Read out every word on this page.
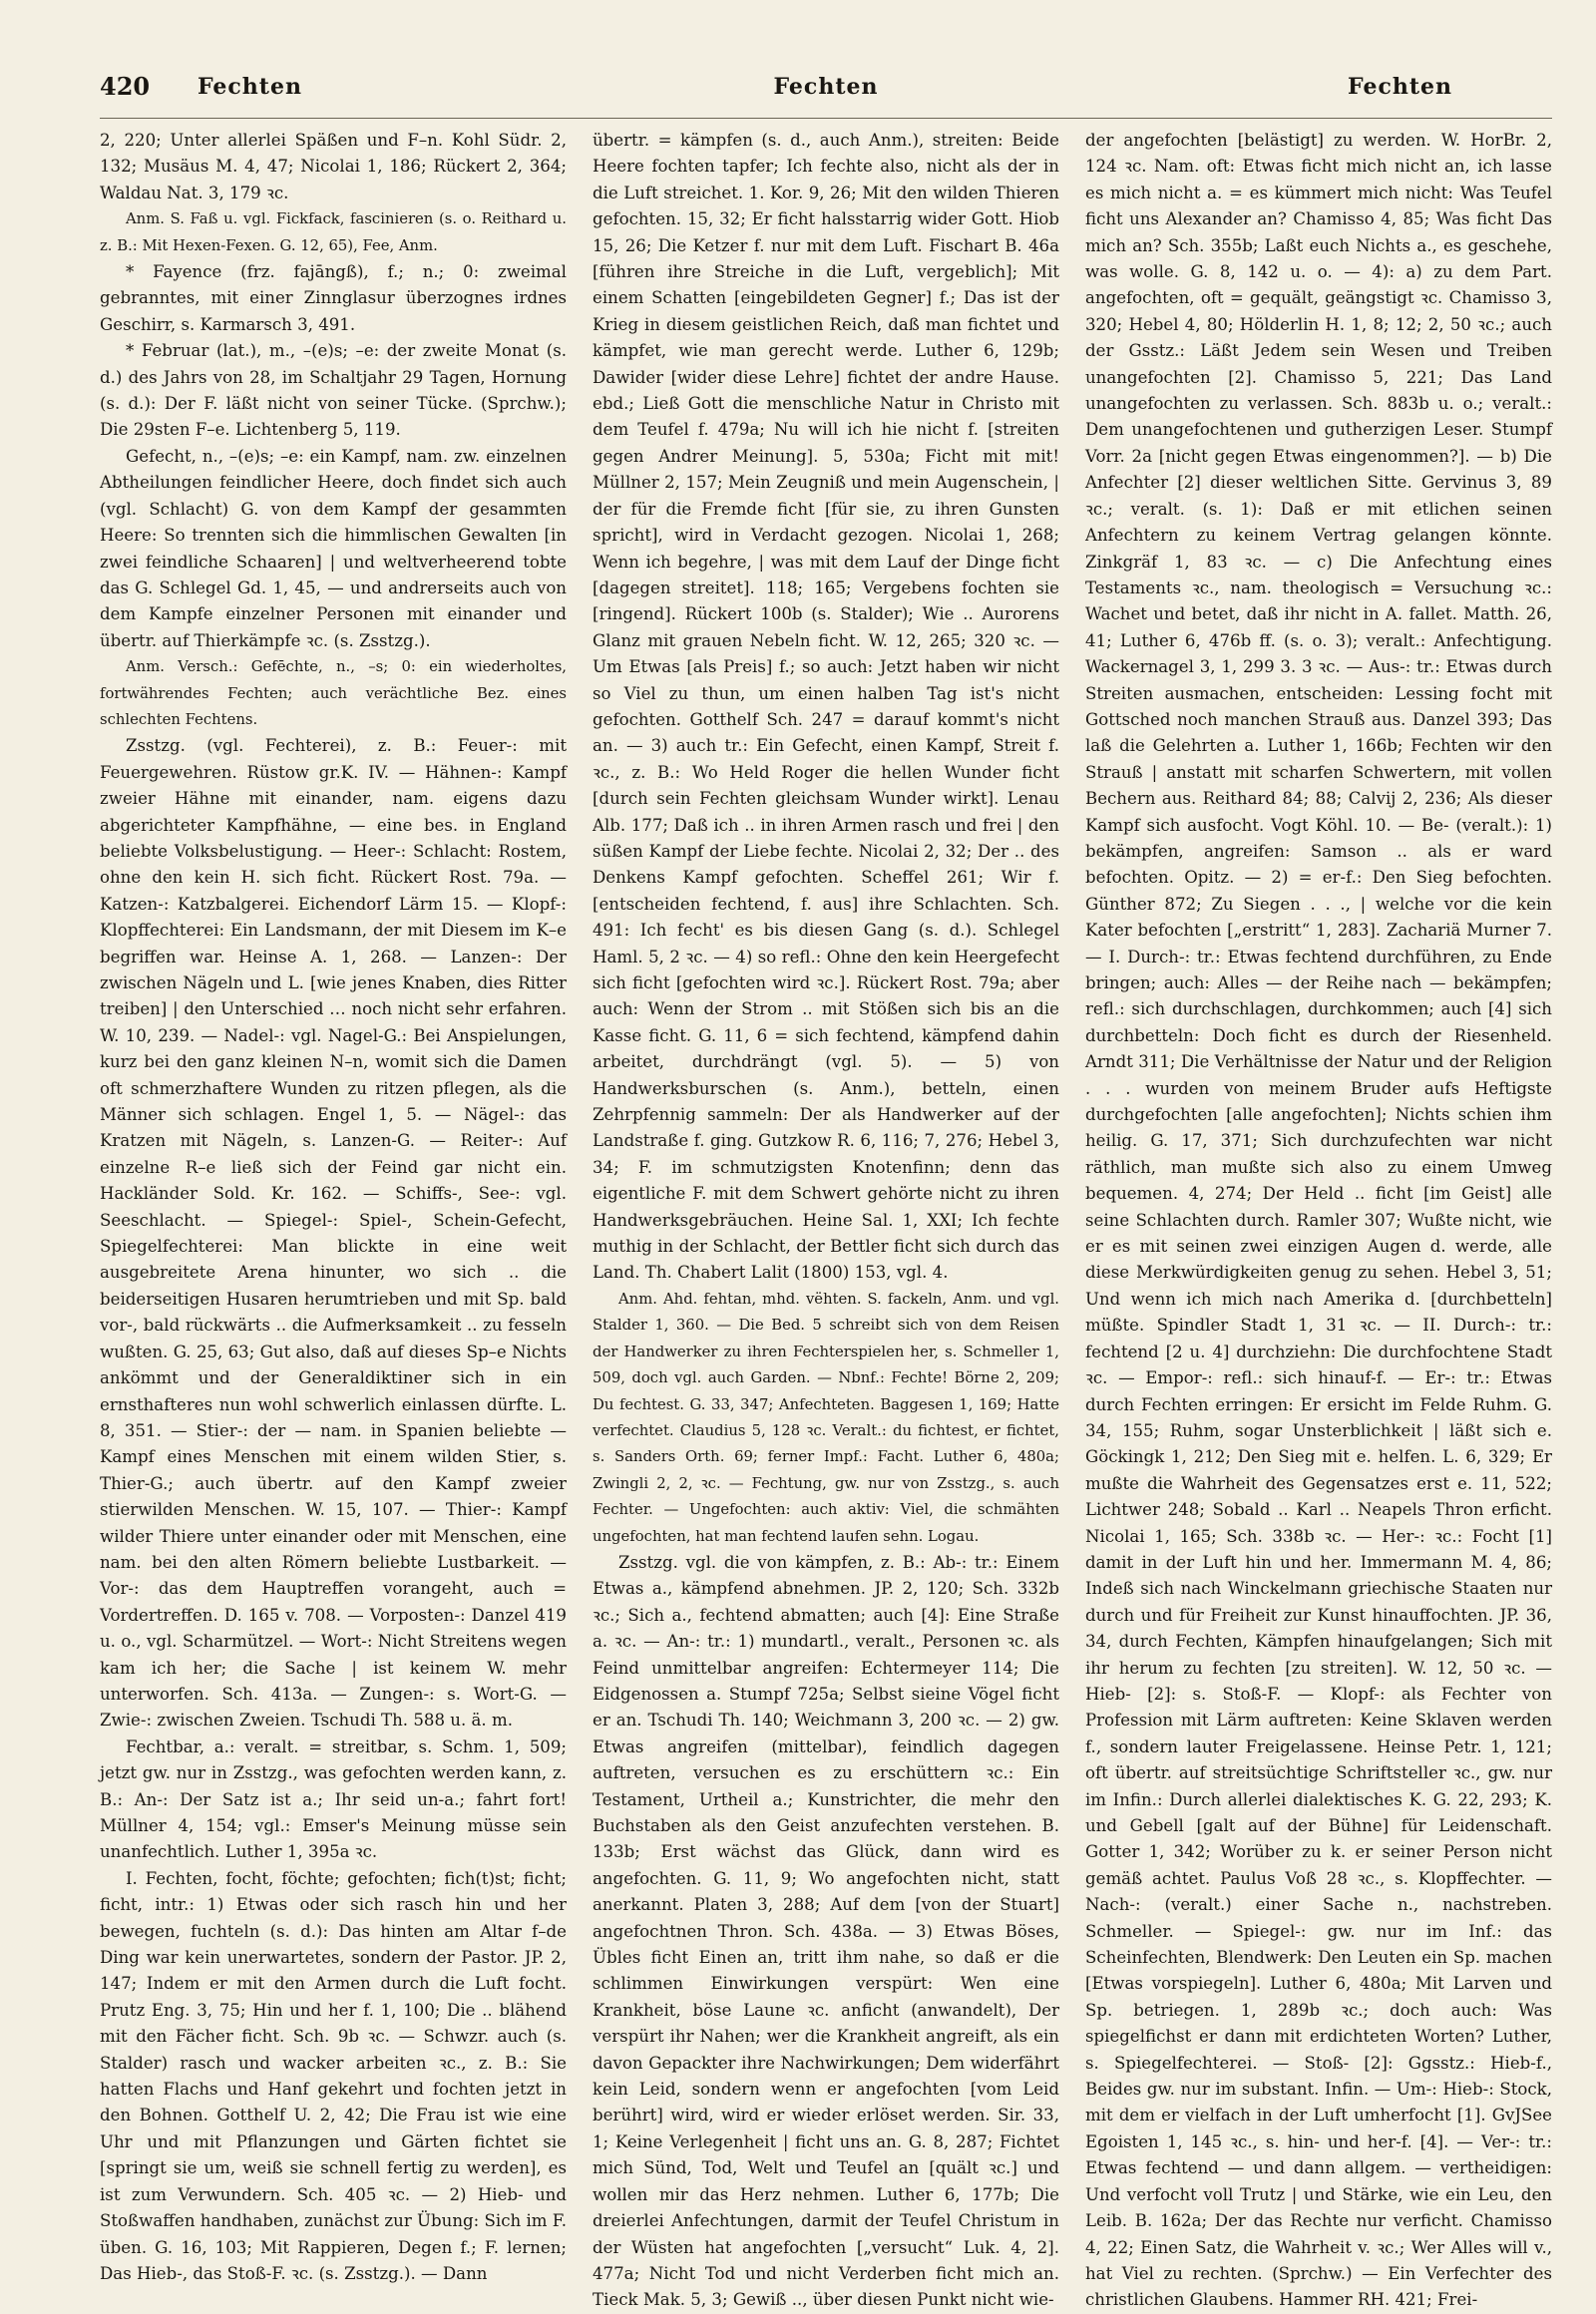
420 Fechten	Fechten	Fechten

2, 220; Unter allerlei Späßen und F–n. Kohl Südr. 2, 132; Musäus M. 4, 47; Nicolai 1, 186; Rückert 2, 364; Waldau Nat. 3, 179 ꝛc.

Anm. S. Faß u. vgl. Fickfack, fascinieren (s. o. Reithard u. z. B.: Mit Hexen-Fexen. G. 12, 65), Fee, Anm.

* Fayence (frz. fajāngß), f.; n.; 0: zweimal gebranntes, mit einer Zinnglasur überzognes irdnes Geschirr, s. Karmarsch 3, 491.

* Februar (lat.), m., –(e)s; –e: der zweite Monat (s. d.) des Jahrs von 28, im Schaltjahr 29 Tagen, Hornung (s. d.): Der F. läßt nicht von seiner Tücke. (Sprchw.); Die 29sten F–e. Lichtenberg 5, 119.

Gefecht, n., –(e)s; –e: ein Kampf, nam. zw. einzelnen Abtheilungen feindlicher Heere, doch findet sich auch (vgl. Schlacht) G. von dem Kampf der gesammten Heere: So trennten sich die himmlischen Gewalten [in zwei feindliche Schaaren] | und weltverheerend tobte das G. Schlegel Gd. 1, 45, — und andrerseits auch von dem Kampfe einzelner Personen mit einander und übertr. auf Thierkämpfe ꝛc. (s. Zsstzg.).

Anm. Versch.: Gefēchte, n., –s; 0: ein wiederholtes, fortwährendes Fechten; auch verächtliche Bez. eines schlechten Fechtens.

Zsstzg. (vgl. Fechterei), z. B.: Feuer-: mit Feuergewehren. Rüstow gr.K. IV. — Hähnen-: Kampf zweier Hähne mit einander, nam. eigens dazu abgerichteter Kampfhähne, — eine bes. in England beliebte Volksbelustigung. — Heer-: Schlacht: Rostem, ohne den kein H. sich ficht. Rückert Rost. 79a. — Katzen-: Katzbalgerei. Eichendorf Lärm 15. — Klopf-: Klopffechterei: Ein Landsmann, der mit Diesem im K–e begriffen war. Heinse A. 1, 268. — Lanzen-: Der zwischen Nägeln und L. [wie jenes Knaben, dies Ritter treiben] | den Unterschied … noch nicht sehr erfahren. W. 10, 239. — Nadel-: vgl. Nagel-G.: Bei Anspielungen, kurz bei den ganz kleinen N–n, womit sich die Damen oft schmerzhaftere Wunden zu ritzen pflegen, als die Männer sich schlagen. Engel 1, 5. — Nägel-: das Kratzen mit Nägeln, s. Lanzen-G. — Reiter-: Auf einzelne R–e ließ sich der Feind gar nicht ein. Hackländer Sold. Kr. 162. — Schiffs-, See-: vgl. Seeschlacht. — Spiegel-: Spiel-, Schein-Gefecht, Spiegelfechterei: Man blickte in eine weit ausgebreitete Arena hinunter, wo sich .. die beiderseitigen Husaren herumtrieben und mit Sp. bald vor-, bald rückwärts .. die Aufmerksamkeit .. zu fesseln wußten. G. 25, 63; Gut also, daß auf dieses Sp–e Nichts ankömmt und der Generaldiktiner sich in ein ernsthafteres nun wohl schwerlich einlassen dürfte. L. 8, 351. — Stier-: der — nam. in Spanien beliebte — Kampf eines Menschen mit einem wilden Stier, s. Thier-G.; auch übertr. auf den Kampf zweier stierwilden Menschen. W. 15, 107. — Thier-: Kampf wilder Thiere unter einander oder mit Menschen, eine nam. bei den alten Römern beliebte Lustbarkeit. — Vor-: das dem Hauptreffen vorangeht, auch = Vordertreffen. D. 165 v. 708. — Vorposten-: Danzel 419 u. o., vgl. Scharmützel. — Wort-: Nicht Streitens wegen kam ich her; die Sache | ist keinem W. mehr unterworfen. Sch. 413a. — Zungen-: s. Wort-G. — Zwie-: zwischen Zweien. Tschudi Th. 588 u. ä. m.

Fechtbar, a.: veralt. = streitbar, s. Schm. 1, 509; jetzt gw. nur in Zsstzg., was gefochten werden kann, z. B.: An-: Der Satz ist a.; Ihr seid un-a.; fahrt fort! Müllner 4, 154; vgl.: Emser's Meinung müsse sein unanfechtlich. Luther 1, 395a ꝛc.

I. Fechten, focht, föchte; gefochten; fich(t)st; ficht; ficht, intr.: 1) Etwas oder sich rasch hin und her bewegen, fuchteln (s. d.): Das hinten am Altar f–de Ding war kein unerwartetes, sondern der Pastor. JP. 2, 147; Indem er mit den Armen durch die Luft focht. Prutz Eng. 3, 75; Hin und her f. 1, 100; Die .. blähend mit den Fächer ficht. Sch. 9b ꝛc. — Schwzr. auch (s. Stalder) rasch und wacker arbeiten ꝛc., z. B.: Sie hatten Flachs und Hanf gekehrt und fochten jetzt in den Bohnen. Gotthelf U. 2, 42; Die Frau ist wie eine Uhr und mit Pflanzungen und Gärten fichtet sie [springt sie um, weiß sie schnell fertig zu werden], es ist zum Verwundern. Sch. 405 ꝛc. — 2) Hieb- und Stoßwaffen handhaben, zunächst zur Übung: Sich im F. üben. G. 16, 103; Mit Rappieren, Degen f.; F. lernen; Das Hieb-, das Stoß-F. ꝛc. (s. Zsstzg.). — Dann

übertr. = kämpfen (s. d., auch Anm.), streiten: Beide Heere fochten tapfer; Ich fechte also, nicht als der in die Luft streichet. 1. Kor. 9, 26; Mit den wilden Thieren gefochten. 15, 32; Er ficht halsstarrig wider Gott. Hiob 15, 26; Die Ketzer f. nur mit dem Luft. Fischart B. 46a [führen ihre Streiche in die Luft, vergeblich]; Mit einem Schatten [eingebildeten Gegner] f.; Das ist der Krieg in diesem geistlichen Reich, daß man fichtet und kämpfet, wie man gerecht werde. Luther 6, 129b; Dawider [wider diese Lehre] fichtet der andre Hause. ebd.; Ließ Gott die menschliche Natur in Christo mit dem Teufel f. 479a; Nu will ich hie nicht f. [streiten gegen Andrer Meinung]. 5, 530a; Ficht mit mit! Müllner 2, 157; Mein Zeugniß und mein Augenschein, | der für die Fremde ficht [für sie, zu ihren Gunsten spricht], wird in Verdacht gezogen. Nicolai 1, 268; Wenn ich begehre, | was mit dem Lauf der Dinge ficht [dagegen streitet]. 118; 165; Vergebens fochten sie [ringend]. Rückert 100b (s. Stalder); Wie .. Aurorens Glanz mit grauen Nebeln ficht. W. 12, 265; 320 ꝛc. — Um Etwas [als Preis] f.; so auch: Jetzt haben wir nicht so Viel zu thun, um einen halben Tag ist's nicht gefochten. Gotthelf Sch. 247 = darauf kommt's nicht an. — 3) auch tr.: Ein Gefecht, einen Kampf, Streit f. ꝛc., z. B.: Wo Held Roger die hellen Wunder ficht [durch sein Fechten gleichsam Wunder wirkt]. Lenau Alb. 177; Daß ich .. in ihren Armen rasch und frei | den süßen Kampf der Liebe fechte. Nicolai 2, 32; Der .. des Denkens Kampf gefochten. Scheffel 261; Wir f. [entscheiden fechtend, f. aus] ihre Schlachten. Sch. 491: Ich fecht' es bis diesen Gang (s. d.). Schlegel Haml. 5, 2 ꝛc. — 4) so refl.: Ohne den kein Heergefecht sich ficht [gefochten wird ꝛc.]. Rückert Rost. 79a; aber auch: Wenn der Strom .. mit Stößen sich bis an die Kasse ficht. G. 11, 6 = sich fechtend, kämpfend dahin arbeitet, durchdrängt (vgl. 5). — 5) von Handwerksburschen (s. Anm.), betteln, einen Zehrpfennig sammeln: Der als Handwerker auf der Landstraße f. ging. Gutzkow R. 6, 116; 7, 276; Hebel 3, 34; F. im schmutzigsten Knotenfinn; denn das eigentliche F. mit dem Schwert gehörte nicht zu ihren Handwerksgebräuchen. Heine Sal. 1, XXI; Ich fechte muthig in der Schlacht, der Bettler ficht sich durch das Land. Th. Chabert Lalit (1800) 153, vgl. 4.

Anm. Ahd. fehtan, mhd. vëhten. S. fackeln, Anm. und vgl. Stalder 1, 360. — Die Bed. 5 schreibt sich von dem Reisen der Handwerker zu ihren Fechterspielen her, s. Schmeller 1, 509, doch vgl. auch Garden. — Nbnf.: Fechte! Börne 2, 209; Du fechtest. G. 33, 347; Anfechteten. Baggesen 1, 169; Hatte verfechtet. Claudius 5, 128 ꝛc. Veralt.: du fichtest, er fichtet, s. Sanders Orth. 69; ferner Impf.: Facht. Luther 6, 480a; Zwingli 2, 2, ꝛc. — Fechtung, gw. nur von Zsstzg., s. auch Fechter. — Ungefochten: auch aktiv: Viel, die schmähten ungefochten, hat man fechtend laufen sehn. Logau.

Zsstzg. vgl. die von kämpfen, z. B.: Ab-: tr.: Einem Etwas a., kämpfend abnehmen. JP. 2, 120; Sch. 332b ꝛc.; Sich a., fechtend abmatten; auch [4]: Eine Straße a. ꝛc. — An-: tr.: 1) mundartl., veralt., Personen ꝛc. als Feind unmittelbar angreifen: Echtermeyer 114; Die Eidgenossen a. Stumpf 725a; Selbst sieine Vögel ficht er an. Tschudi Th. 140; Weichmann 3, 200 ꝛc. — 2) gw. Etwas angreifen (mittelbar), feindlich dagegen auftreten, versuchen es zu erschüttern ꝛc.: Ein Testament, Urtheil a.; Kunstrichter, die mehr den Buchstaben als den Geist anzufechten verstehen. B. 133b; Erst wächst das Glück, dann wird es angefochten. G. 11, 9; Wo angefochten nicht, statt anerkannt. Platen 3, 288; Auf dem [von der Stuart] angefochtnen Thron. Sch. 438a. — 3) Etwas Böses, Übles ficht Einen an, tritt ihm nahe, so daß er die schlimmen Einwirkungen verspürt: Wen eine Krankheit, böse Laune ꝛc. anficht (anwandelt), Der verspürt ihr Nahen; wer die Krankheit angreift, als ein davon Gepackter ihre Nachwirkungen; Dem widerfährt kein Leid, sondern wenn er angefochten [vom Leid berührt] wird, wird er wieder erlöset werden. Sir. 33, 1; Keine Verlegenheit | ficht uns an. G. 8, 287; Fichtet mich Sünd, Tod, Welt und Teufel an [quält ꝛc.] und wollen mir das Herz nehmen. Luther 6, 177b; Die dreierlei Anfechtungen, darmit der Teufel Christum in der Wüsten hat angefochten [„versucht“ Luk. 4, 2]. 477a; Nicht Tod und nicht Verderben ficht mich an. Tieck Mak. 5, 3; Gewiß .., über diesen Punkt nicht wie-

der angefochten [belästigt] zu werden. W. HorBr. 2, 124 ꝛc. Nam. oft: Etwas ficht mich nicht an, ich lasse es mich nicht a. = es kümmert mich nicht: Was Teufel ficht uns Alexander an? Chamisso 4, 85; Was ficht Das mich an? Sch. 355b; Laßt euch Nichts a., es geschehe, was wolle. G. 8, 142 u. o. — 4): a) zu dem Part. angefochten, oft = gequält, geängstigt ꝛc. Chamisso 3, 320; Hebel 4, 80; Hölderlin H. 1, 8; 12; 2, 50 ꝛc.; auch der Gsstz.: Läßt Jedem sein Wesen und Treiben unangefochten [2]. Chamisso 5, 221; Das Land unangefochten zu verlassen. Sch. 883b u. o.; veralt.: Dem unangefochtenen und gutherzigen Leser. Stumpf Vorr. 2a [nicht gegen Etwas eingenommen?]. — b) Die Anfechter [2] dieser weltlichen Sitte. Gervinus 3, 89 ꝛc.; veralt. (s. 1): Daß er mit etlichen seinen Anfechtern zu keinem Vertrag gelangen könnte. Zinkgräf 1, 83 ꝛc. — c) Die Anfechtung eines Testaments ꝛc., nam. theologisch = Versuchung ꝛc.: Wachet und betet, daß ihr nicht in A. fallet. Matth. 26, 41; Luther 6, 476b ff. (s. o. 3); veralt.: Anfechtigung. Wackernagel 3, 1, 299 3. 3 ꝛc. — Aus-: tr.: Etwas durch Streiten ausmachen, entscheiden: Lessing focht mit Gottsched noch manchen Strauß aus. Danzel 393; Das laß die Gelehrten a. Luther 1, 166b; Fechten wir den Strauß | anstatt mit scharfen Schwertern, mit vollen Bechern aus. Reithard 84; 88; Calvij 2, 236; Als dieser Kampf sich ausfocht. Vogt Köhl. 10. — Be- (veralt.): 1) bekämpfen, angreifen: Samson .. als er ward befochten. Opitz. — 2) = er-f.: Den Sieg befochten. Günther 872; Zu Siegen . . ., | welche vor die kein Kater befochten [„erstritt“ 1, 283]. Zachariä Murner 7. — I. Durch-: tr.: Etwas fechtend durchführen, zu Ende bringen; auch: Alles — der Reihe nach — bekämpfen; refl.: sich durchschlagen, durchkommen; auch [4] sich durchbetteln: Doch ficht es durch der Riesenheld. Arndt 311; Die Verhältnisse der Natur und der Religion . . . wurden von meinem Bruder aufs Heftigste durchgefochten [alle angefochten]; Nichts schien ihm heilig. G. 17, 371; Sich durchzufechten war nicht räthlich, man mußte sich also zu einem Umweg bequemen. 4, 274; Der Held .. ficht [im Geist] alle seine Schlachten durch. Ramler 307; Wußte nicht, wie er es mit seinen zwei einzigen Augen d. werde, alle diese Merkwürdigkeiten genug zu sehen. Hebel 3, 51; Und wenn ich mich nach Amerika d. [durchbetteln] müßte. Spindler Stadt 1, 31 ꝛc. — II. Durch-: tr.: fechtend [2 u. 4] durchziehn: Die durchfochtene Stadt ꝛc. — Empor-: refl.: sich hinauf-f. — Er-: tr.: Etwas durch Fechten erringen: Er ersicht im Felde Ruhm. G. 34, 155; Ruhm, sogar Unsterblichkeit | läßt sich e. Göckingk 1, 212; Den Sieg mit e. helfen. L. 6, 329; Er mußte die Wahrheit des Gegensatzes erst e. 11, 522; Lichtwer 248; Sobald .. Karl .. Neapels Thron erficht. Nicolai 1, 165; Sch. 338b ꝛc. — Her-: ꝛc.: Focht [1] damit in der Luft hin und her. Immermann M. 4, 86; Indeß sich nach Winckelmann griechische Staaten nur durch und für Freiheit zur Kunst hinauffochten. JP. 36, 34, durch Fechten, Kämpfen hinaufgelangen; Sich mit ihr herum zu fechten [zu streiten]. W. 12, 50 ꝛc. — Hieb- [2]: s. Stoß-F. — Klopf-: als Fechter von Profession mit Lärm auftreten: Keine Sklaven werden f., sondern lauter Freigelassene. Heinse Petr. 1, 121; oft übertr. auf streitsüchtige Schriftsteller ꝛc., gw. nur im Infin.: Durch allerlei dialektisches K. G. 22, 293; K. und Gebell [galt auf der Bühne] für Leidenschaft. Gotter 1, 342; Worüber zu k. er seiner Person nicht gemäß achtet. Paulus Voß 28 ꝛc., s. Klopffechter. — Nach-: (veralt.) einer Sache n., nachstreben. Schmeller. — Spiegel-: gw. nur im Inf.: das Scheinfechten, Blendwerk: Den Leuten ein Sp. machen [Etwas vorspiegeln]. Luther 6, 480a; Mit Larven und Sp. betriegen. 1, 289b ꝛc.; doch auch: Was spiegelfichst er dann mit erdichteten Worten? Luther, s. Spiegelfechterei. — Stoß- [2]: Ggsstz.: Hieb-f., Beides gw. nur im substant. Infin. — Um-: Hieb-: Stock, mit dem er vielfach in der Luft umherfocht [1]. GvJSee Egoisten 1, 145 ꝛc., s. hin- und her-f. [4]. — Ver-: tr.: Etwas fechtend — und dann allgem. — vertheidigen: Und verfocht voll Trutz | und Stärke, wie ein Leu, den Leib. B. 162a; Der das Rechte nur verficht. Chamisso 4, 22; Einen Satz, die Wahrheit v. ꝛc.; Wer Alles will v., hat Viel zu rechten. (Sprchw.) — Ein Verfechter des christlichen Glaubens. Hammer RH. 421; Frei-
